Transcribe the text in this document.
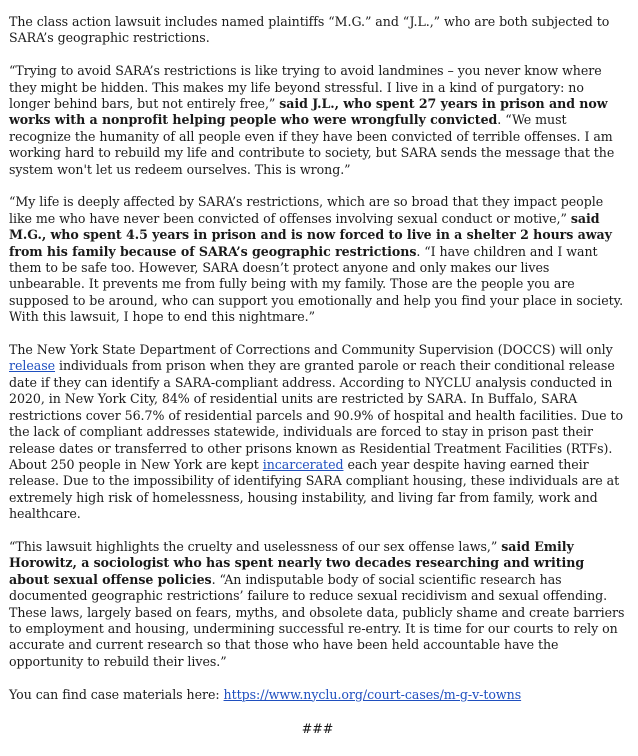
The class action lawsuit includes named plaintiffs “M.G.” and “J.L.,” who are both subjected to SARA’s geographic restrictions.

“Trying to avoid SARA’s restrictions is like trying to avoid landmines – you never know where they might be hidden. This makes my life beyond stressful. I live in a kind of purgatory: no longer behind bars, but not entirely free,” said J.L., who spent 27 years in prison and now works with a nonprofit helping people who were wrongfully convicted. “We must recognize the humanity of all people even if they have been convicted of terrible offenses. I am working hard to rebuild my life and contribute to society, but SARA sends the message that the system won't let us redeem ourselves. This is wrong.”

“My life is deeply affected by SARA’s restrictions, which are so broad that they impact people like me who have never been convicted of offenses involving sexual conduct or motive,” said M.G., who spent 4.5 years in prison and is now forced to live in a shelter 2 hours away from his family because of SARA’s geographic restrictions. “I have children and I want them to be safe too. However, SARA doesn’t protect anyone and only makes our lives unbearable. It prevents me from fully being with my family. Those are the people you are supposed to be around, who can support you emotionally and help you find your place in society. With this lawsuit, I hope to end this nightmare.”

The New York State Department of Corrections and Community Supervision (DOCCS) will only release individuals from prison when they are granted parole or reach their conditional release date if they can identify a SARA-compliant address. According to NYCLU analysis conducted in 2020, in New York City, 84% of residential units are restricted by SARA. In Buffalo, SARA restrictions cover 56.7% of residential parcels and 90.9% of hospital and health facilities. Due to the lack of compliant addresses statewide, individuals are forced to stay in prison past their release dates or transferred to other prisons known as Residential Treatment Facilities (RTFs). About 250 people in New York are kept incarcerated each year despite having earned their release. Due to the impossibility of identifying SARA compliant housing, these individuals are at extremely high risk of homelessness, housing instability, and living far from family, work and healthcare.

“This lawsuit highlights the cruelty and uselessness of our sex offense laws,” said Emily Horowitz, a sociologist who has spent nearly two decades researching and writing about sexual offense policies. “An indisputable body of social scientific research has documented geographic restrictions’ failure to reduce sexual recidivism and sexual offending. These laws, largely based on fears, myths, and obsolete data, publicly shame and create barriers to employment and housing, undermining successful re-entry. It is time for our courts to rely on accurate and current research so that those who have been held accountable have the opportunity to rebuild their lives.”

You can find case materials here: https://www.nyclu.org/court-cases/m-g-v-towns

###
